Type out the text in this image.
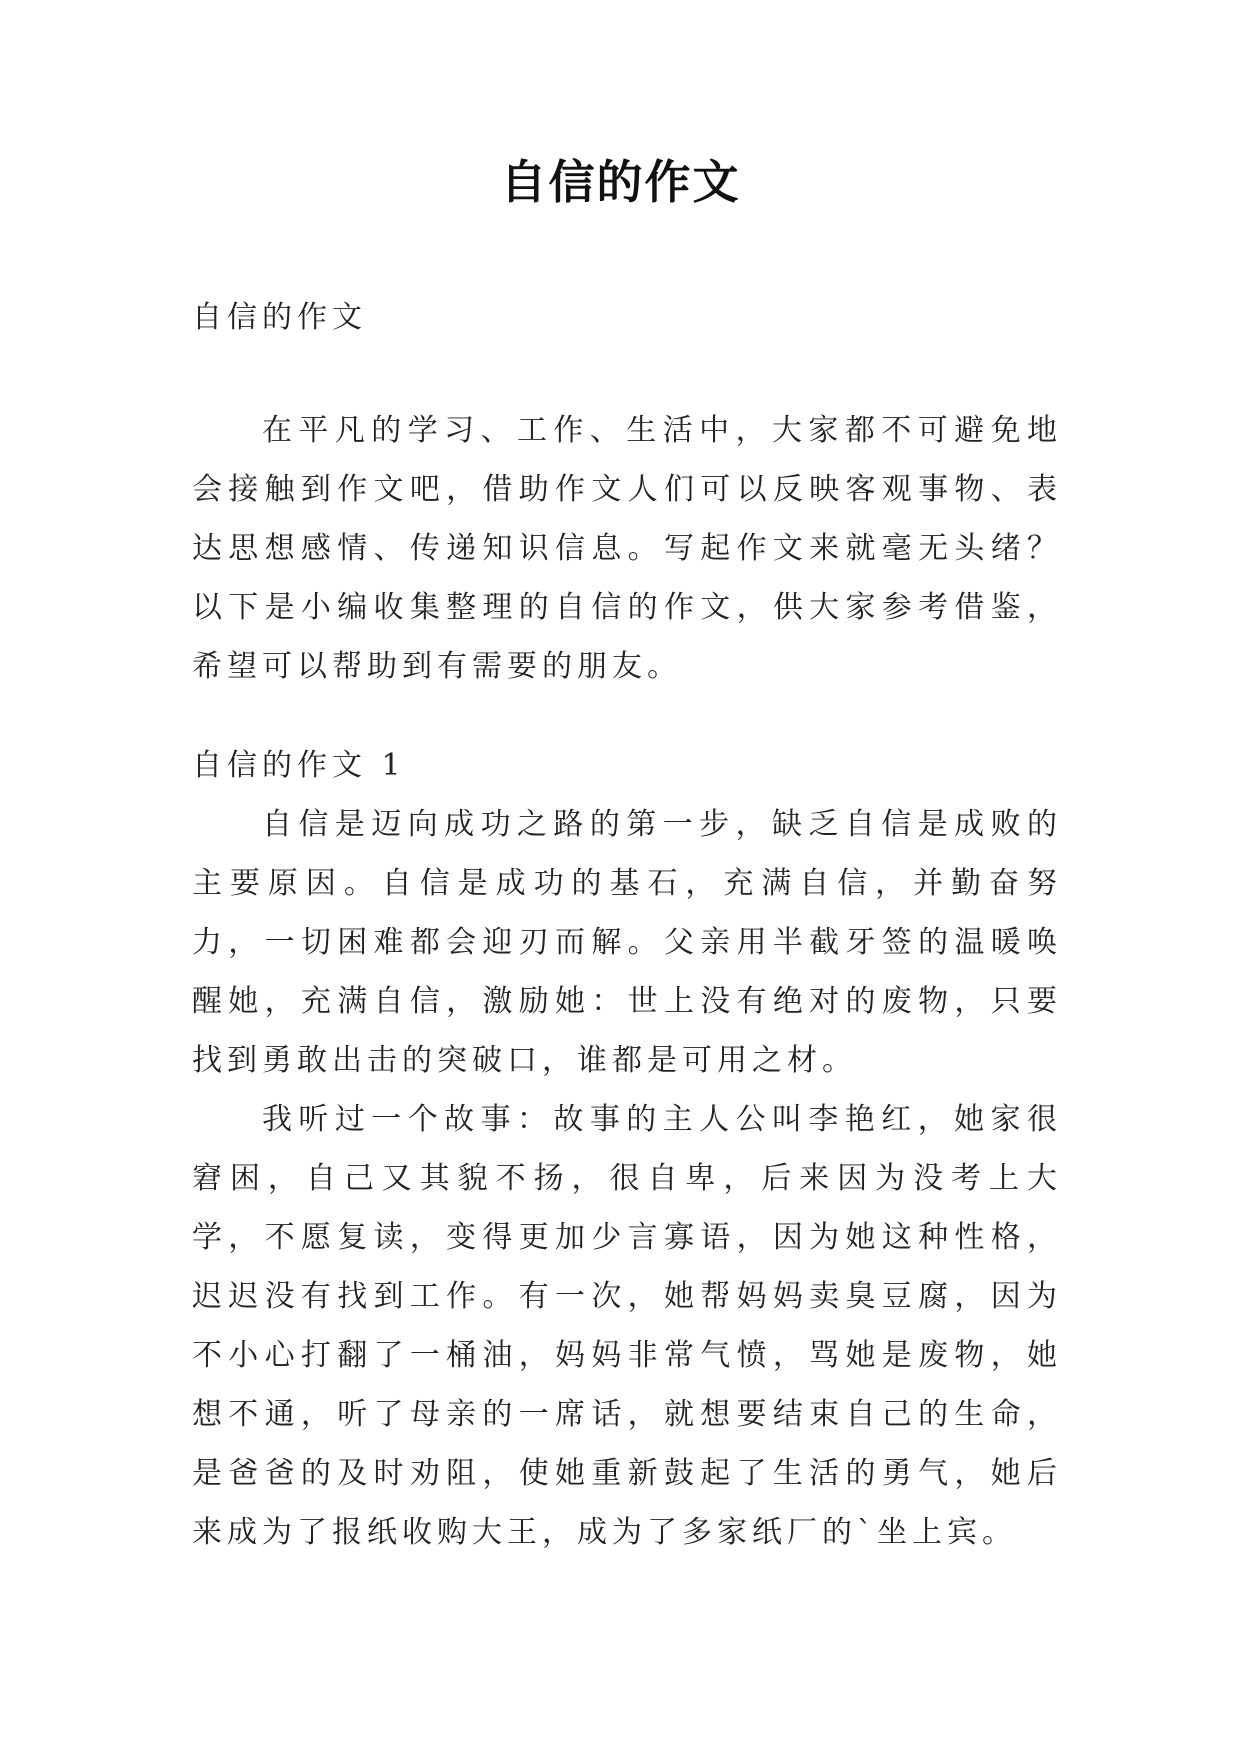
自信的作文

自信的作文

在平凡的学习、工作、生活中，大家都不可避免地会接触到作文吧，借助作文人们可以反映客观事物、表达思想感情、传递知识信息。写起作文来就毫无头绪？以下是小编收集整理的自信的作文，供大家参考借鉴，希望可以帮助到有需要的朋友。

自信的作文 1

自信是迈向成功之路的第一步，缺乏自信是成败的主要原因。自信是成功的基石，充满自信，并勤奋努力，一切困难都会迎刃而解。父亲用半截牙签的温暖唤醒她，充满自信，激励她：世上没有绝对的废物，只要找到勇敢出击的突破口，谁都是可用之材。

我听过一个故事：故事的主人公叫李艳红，她家很窘困，自己又其貌不扬，很自卑，后来因为没考上大学，不愿复读，变得更加少言寡语，因为她这种性格，迟迟没有找到工作。有一次，她帮妈妈卖臭豆腐，因为不小心打翻了一桶油，妈妈非常气愤，骂她是废物，她想不通，听了母亲的一席话，就想要结束自己的生命，是爸爸的及时劝阻，使她重新鼓起了生活的勇气，她后来成为了报纸收购大王，成为了多家纸厂的`坐上宾。
